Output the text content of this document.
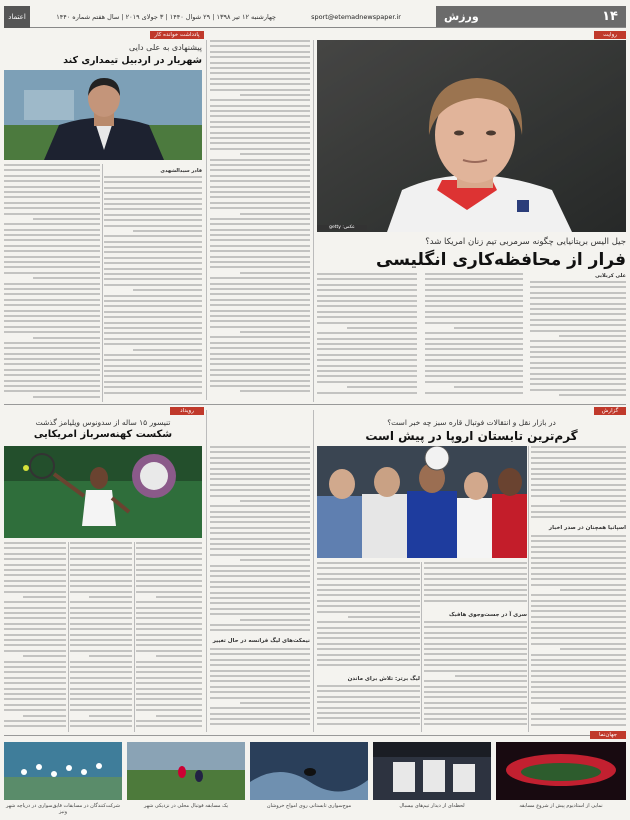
اعتماد	چهارشنبه ۱۲ تیر ۱۳۹۸ | ۲۹ شوال ۱۴۴۰ | ۳ جولای ۲۰۱۹ | سال هفتم شماره ۱۴۴۰	sport@etemadnewspaper.ir	۱۴
ورزش
روایت
عکس: getty
جیل الیس بریتانیایی چگونه سرمربی تیم زنان امریکا شد؟
فرار از محافظه‌کاری انگلیسی
علی کربلایی
پادداشت خوانده کار
پیشنهادی به علی دایی
شهریار در اردبیل تیمداری کند
قادر سیدالشهدی
گزارش
در بازار نقل و انتقالات فوتبال قاره سبز چه خبر است؟
گرم‌ترین تابستان اروپا در پیش است
اسپانیا همچنان در صدر اخبار
سری آ در جست‌وجوی هافبک
لیگ برتر: تلاش برای ماندن
نیمکت‌های لیگ فرانسه در حال تغییر
رویداد
تنیسور ۱۵ ساله از سدونوس ویلیامز گذشت
شکست کهنه‌سرباز امریکایی
جهان‌نما
شرکت‌کنندگان در مسابقات قایق‌سواری در دریاچه شهر ونیز
یک مسابقه فوتبال محلی در نزدیکی شهر	موج‌سواری تابستانی روی امواج خروشان	لحظه‌ای از دیدار تیم‌های بیسبال	نمایی از استادیوم پیش از شروع مسابقه
